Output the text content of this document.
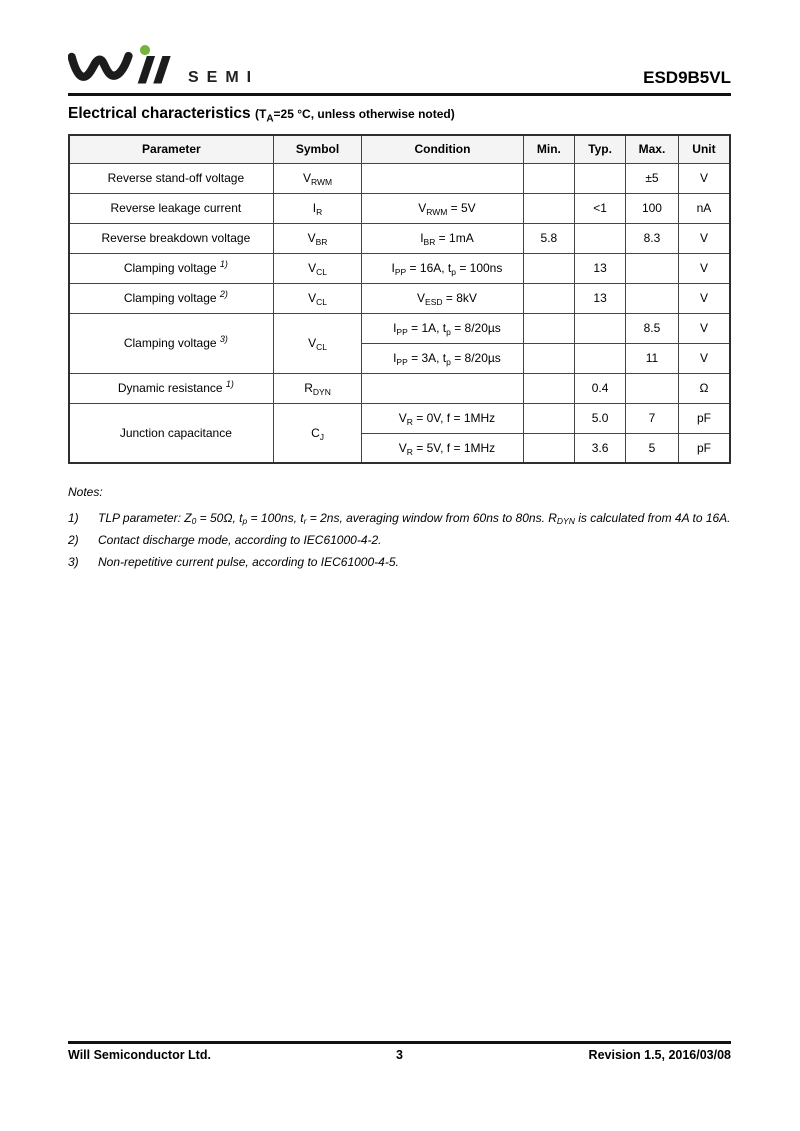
SEMI	ESD9B5VL
Electrical characteristics ($T_A=25$ °C, unless otherwise noted)
Parameter	Symbol	Condition	Min.	Typ.	Max.	Unit
Reverse stand-off voltage	$V_{RWM}$				±5	V
Reverse leakage current	$I_R$	$V_{RWM} = 5V$		<1	100	nA
Reverse breakdown voltage	$V_{BR}$	$I_{BR} = 1mA$	5.8		8.3	V
Clamping voltage $^{1)}$	$V_{CL}$	$I_{PP} = 16A$, $t_p = 100ns$		13		V
Clamping voltage $^{2)}$	$V_{CL}$	$V_{ESD} = 8kV$		13		V
Clamping voltage $^{3)}$	$V_{CL}$	$I_{PP} = 1A$, $t_p = 8/20\mu s$			8.5	V
		$I_{PP} = 3A$, $t_p = 8/20\mu s$			11	V
Dynamic resistance $^{1)}$	$R_{DYN}$			0.4		Ω
Junction capacitance	$C_J$	$V_R = 0V$, f = 1MHz		5.0	7	pF
		$V_R = 5V$, f = 1MHz		3.6	5	pF
Notes:
1)	TLP parameter: $Z_0 = 50\Omega$, $t_p = 100ns$, $t_r = 2ns$, averaging window from 60ns to 80ns. $R_{DYN}$ is calculated from 4A to 16A.
2)	Contact discharge mode, according to IEC61000-4-2.
3)	Non-repetitive current pulse, according to IEC61000-4-5.
Will Semiconductor Ltd.	3	Revision 1.5, 2016/03/08
